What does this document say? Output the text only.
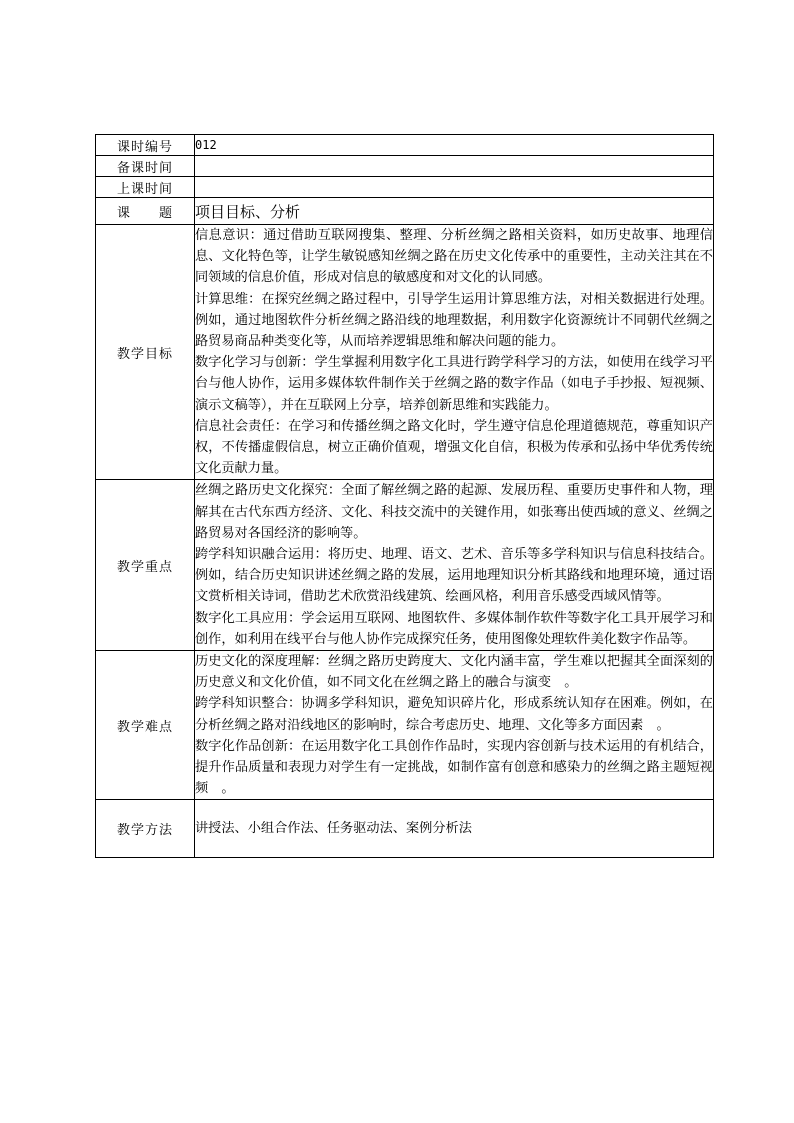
课时编号	012
备课时间	
上课时间	
课　　题	项目目标、分析
教学目标	信息意识：通过借助互联网搜集、整理、分析丝绸之路相关资料，如历史故事、地理信息、文化特色等，让学生敏锐感知丝绸之路在历史文化传承中的重要性，主动关注其在不同领域的信息价值，形成对信息的敏感度和对文化的认同感。

计算思维：在探究丝绸之路过程中，引导学生运用计算思维方法，对相关数据进行处理。例如，通过地图软件分析丝绸之路沿线的地理数据，利用数字化资源统计不同朝代丝绸之路贸易商品种类变化等，从而培养逻辑思维和解决问题的能力。

数字化学习与创新：学生掌握利用数字化工具进行跨学科学习的方法，如使用在线学习平台与他人协作，运用多媒体软件制作关于丝绸之路的数字作品（如电子手抄报、短视频、演示文稿等），并在互联网上分享，培养创新思维和实践能力。

信息社会责任：在学习和传播丝绸之路文化时，学生遵守信息伦理道德规范，尊重知识产权，不传播虚假信息，树立正确价值观，增强文化自信，积极为传承和弘扬中华优秀传统文化贡献力量。

教学重点	丝绸之路历史文化探究：全面了解丝绸之路的起源、发展历程、重要历史事件和人物，理解其在古代东西方经济、文化、科技交流中的关键作用，如张骞出使西域的意义、丝绸之路贸易对各国经济的影响等。

跨学科知识融合运用：将历史、地理、语文、艺术、音乐等多学科知识与信息科技结合。例如，结合历史知识讲述丝绸之路的发展，运用地理知识分析其路线和地理环境，通过语文赏析相关诗词，借助艺术欣赏沿线建筑、绘画风格，利用音乐感受西域风情等。

数字化工具应用：学会运用互联网、地图软件、多媒体制作软件等数字化工具开展学习和创作，如利用在线平台与他人协作完成探究任务，使用图像处理软件美化数字作品等。

教学难点	历史文化的深度理解：丝绸之路历史跨度大、文化内涵丰富，学生难以把握其全面深刻的历史意义和文化价值，如不同文化在丝绸之路上的融合与演变　。

跨学科知识整合：协调多学科知识，避免知识碎片化，形成系统认知存在困难。例如，在分析丝绸之路对沿线地区的影响时，综合考虑历史、地理、文化等多方面因素　。

数字化作品创新：在运用数字化工具创作作品时，实现内容创新与技术运用的有机结合，提升作品质量和表现力对学生有一定挑战，如制作富有创意和感染力的丝绸之路主题短视频　。

教学方法	讲授法、小组合作法、任务驱动法、案例分析法
